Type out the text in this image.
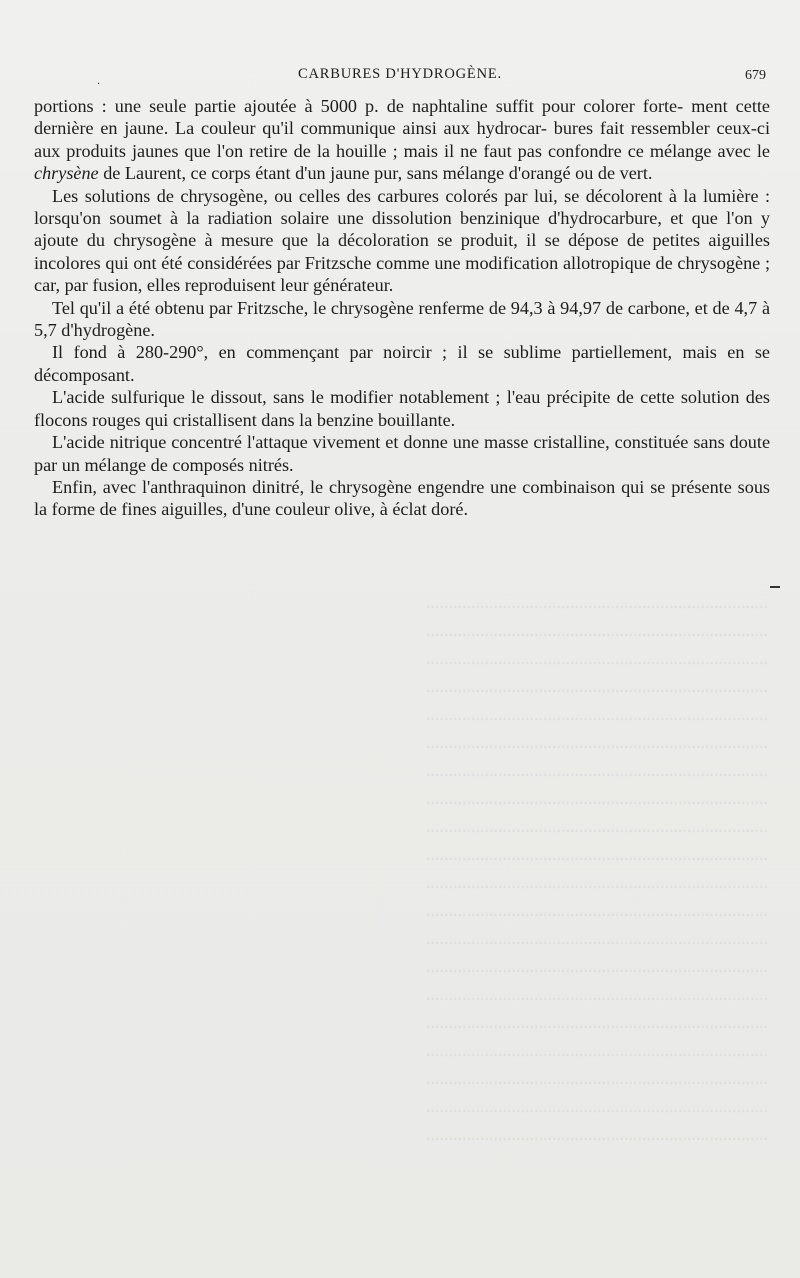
............................................................................
............................................................................
............................................................................
............................................................................
............................................................................
............................................................................
............................................................................
............................................................................
............................................................................
............................................................................
............................................................................
............................................................................
............................................................................
............................................................................
............................................................................
............................................................................
............................................................................
............................................................................
............................................................................
............................................................................
.	CARBURES D'HYDROGÈNE.	679

portions : une seule partie ajoutée à 5000 p. de naphtaline suffit pour colorer forte- ment cette dernière en jaune. La couleur qu'il communique ainsi aux hydrocar- bures fait ressembler ceux-ci aux produits jaunes que l'on retire de la houille ; mais il ne faut pas confondre ce mélange avec le chrysène de Laurent, ce corps étant d'un jaune pur, sans mélange d'orangé ou de vert.

Les solutions de chrysogène, ou celles des carbures colorés par lui, se décolorent à la lumière : lorsqu'on soumet à la radiation solaire une dissolution benzinique d'hydrocarbure, et que l'on y ajoute du chrysogène à mesure que la décoloration se produit, il se dépose de petites aiguilles incolores qui ont été considérées par Fritzsche comme une modification allotropique de chrysogène ; car, par fusion, elles reproduisent leur générateur.

Tel qu'il a été obtenu par Fritzsche, le chrysogène renferme de 94,3 à 94,97 de carbone, et de 4,7 à 5,7 d'hydrogène.

Il fond à 280-290°, en commençant par noircir ; il se sublime partiellement, mais en se décomposant.

L'acide sulfurique le dissout, sans le modifier notablement ; l'eau précipite de cette solution des flocons rouges qui cristallisent dans la benzine bouillante.

L'acide nitrique concentré l'attaque vivement et donne une masse cristalline, constituée sans doute par un mélange de composés nitrés.

Enfin, avec l'anthraquinon dinitré, le chrysogène engendre une combinaison qui se présente sous la forme de fines aiguilles, d'une couleur olive, à éclat doré.
